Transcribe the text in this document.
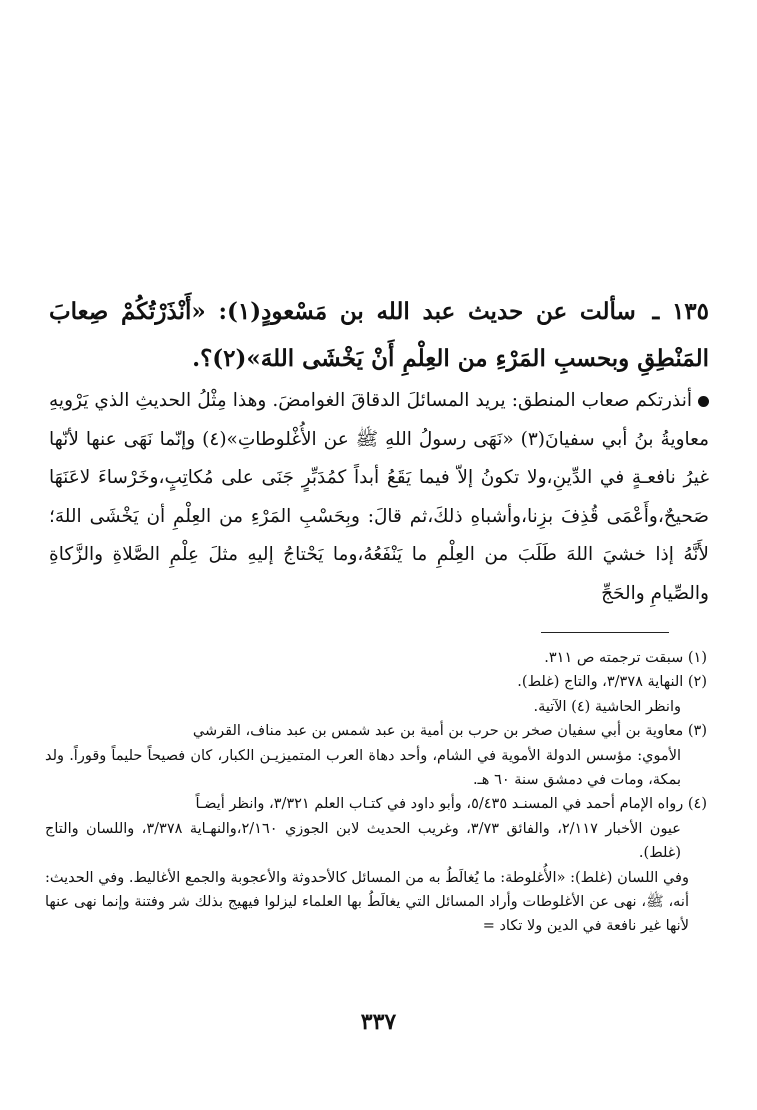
١٣٥ ـ سألت عن حديث عبد الله بن مَسْعودٍ(١): «أَنْذَرْتُكُمْ صِعابَ المَنْطِقِ وبحسبِ المَرْءِ من العِلْمِ أَنْ يَخْشَى اللهَ»(٢)؟.
أنذرتكم صعاب المنطق: يريد المسائلَ الدقاقَ الغوامضَ. وهذا مِثْلُ الحديثِ الذي يَرْويهِ معاويةُ بنُ أبي سفيانَ(٣) «نَهَى رسولُ اللهِ ﷺ عن الأُغْلوطاتِ»(٤) وإنّما نَهَى عنها لأنّها غيرُ نافعـةٍ في الدِّينِ،ولا تكونُ إلاّ فيما يَقَعُ أبداً كمُدَبِّرٍ جَنَى على مُكاتِبٍ،وخَرْساءَ لاعَنَهَا صَحيحٌ،وأَعْمَى قُذِفَ بزِنا،وأشباهِ ذلكَ،ثم قالَ: وبِحَسْبِ المَرْءِ من العِلْمِ أن يَخْشَى اللهَ؛ لأَنَّهُ إذا خشيَ اللهَ طَلَبَ من العِلْمِ ما يَنْفَعُهُ،وما يَحْتاجُ إليهِ مثلَ عِلْمِ الصَّلاةِ والزَّكاةِ والصِّيامِ والحَجِّ

(١) سبقت ترجمته ص ٣١١.

(٢) النهاية ٣/٣٧٨، والتاج (غلط).

وانظر الحاشية (٤) الآتية.

(٣) معاوية بن أبي سفيان صخر بن حرب بن أمية بن عبد شمس بن عبد مناف، القرشي
الأموي: مؤسس الدولة الأموية في الشام، وأحد دهاة العرب المتميزيـن الكبار، كان فصيحاً حليماً وقوراً. ولد بمكة، ومات في دمشق سنة ٦٠ هـ.

(٤) رواه الإمام أحمد في المسنـد ٥/٤٣٥، وأبو داود في كتـاب العلم ٣/٣٢١، وانظر أيضـاً
عيون الأخبار ٢/١١٧، والفائق ٣/٧٣، وغريب الحديث لابن الجوزي ٢/١٦٠،والنهـاية ٣/٣٧٨، واللسان والتاج (غلط).

وفي اللسان (غلط): «الأُغلوطة: ما يُغالَطُ به من المسائل كالأحدوثة والأعجوبة والجمع الأغاليط. وفي الحديث: أنه، ﷺ، نهى عن الأغلوطات وأراد المسائل التي يغالَطُ بها العلماء ليزلوا فيهيج بذلك شر وفتنة وإنما نهى عنها لأنها غير نافعة في الدين ولا تكاد =

٣٣٧
